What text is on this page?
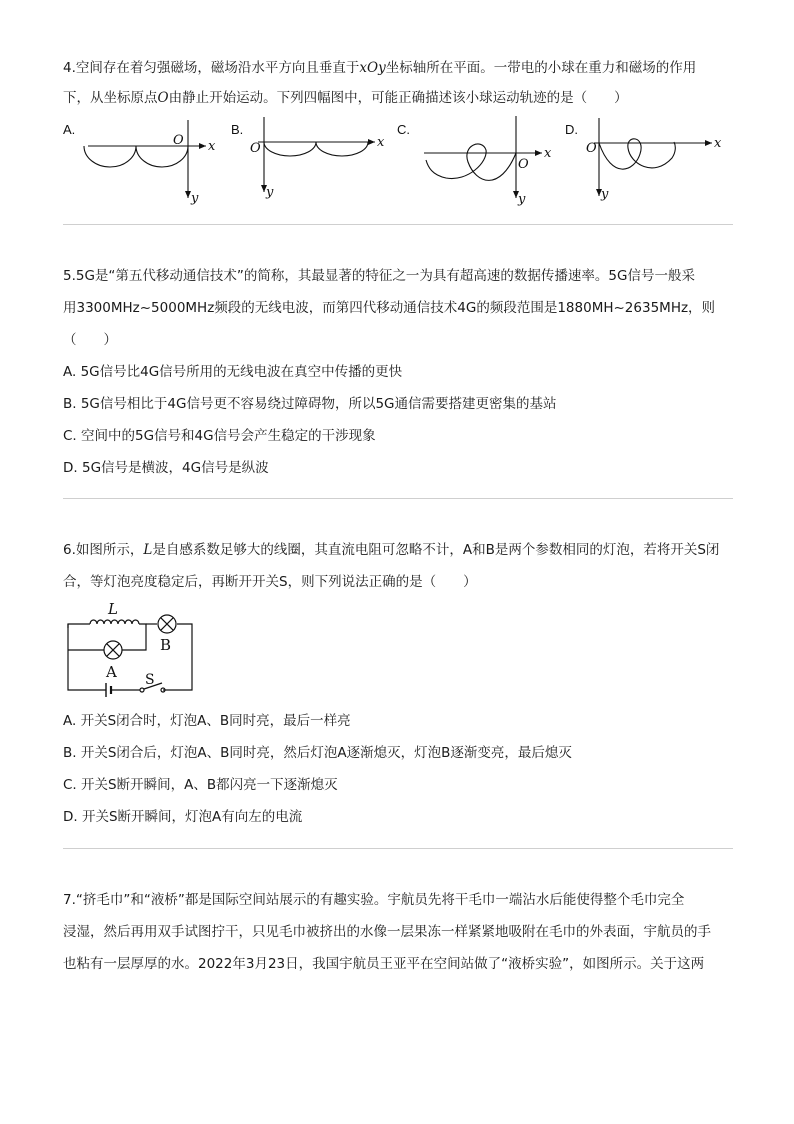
4.空间存在着匀强磁场，磁场沿水平方向且垂直于xOy坐标轴所在平面。一带电的小球在重力和磁场的作用
下，从坐标原点O由静止开始运动。下列四幅图中，可能正确描述该小球运动轨迹的是（　　）
A.
O x
y
B.
O	x
y
C.
O
x
y
D.
O	x
y
5.5G是“第五代移动通信技术”的简称，其最显著的特征之一为具有超高速的数据传播速率。5G信号一般采
用3300MHz~5000MHz频段的无线电波，而第四代移动通信技术4G的频段范围是1880MH~2635MHz，则
（　　）
A. 5G信号比4G信号所用的无线电波在真空中传播的更快
B. 5G信号相比于4G信号更不容易绕过障碍物，所以5G通信需要搭建更密集的基站
C. 空间中的5G信号和4G信号会产生稳定的干涉现象
D. 5G信号是横波，4G信号是纵波
6.如图所示，L是自感系数足够大的线圈，其直流电阻可忽略不计，A和B是两个参数相同的灯泡，若将开关S闭
合，等灯泡亮度稳定后，再断开开关S，则下列说法正确的是（　　）
L
B
A S
A. 开关S闭合时，灯泡A、B同时亮，最后一样亮
B. 开关S闭合后，灯泡A、B同时亮，然后灯泡A逐渐熄灭，灯泡B逐渐变亮，最后熄灭
C. 开关S断开瞬间，A、B都闪亮一下逐渐熄灭
D. 开关S断开瞬间，灯泡A有向左的电流
7.“挤毛巾”和“液桥”都是国际空间站展示的有趣实验。宇航员先将干毛巾一端沾水后能使得整个毛巾完全
浸湿，然后再用双手试图拧干，只见毛巾被挤出的水像一层果冻一样紧紧地吸附在毛巾的外表面，宇航员的手
也粘有一层厚厚的水。2022年3月23日，我国宇航员王亚平在空间站做了“液桥实验”，如图所示。关于这两
